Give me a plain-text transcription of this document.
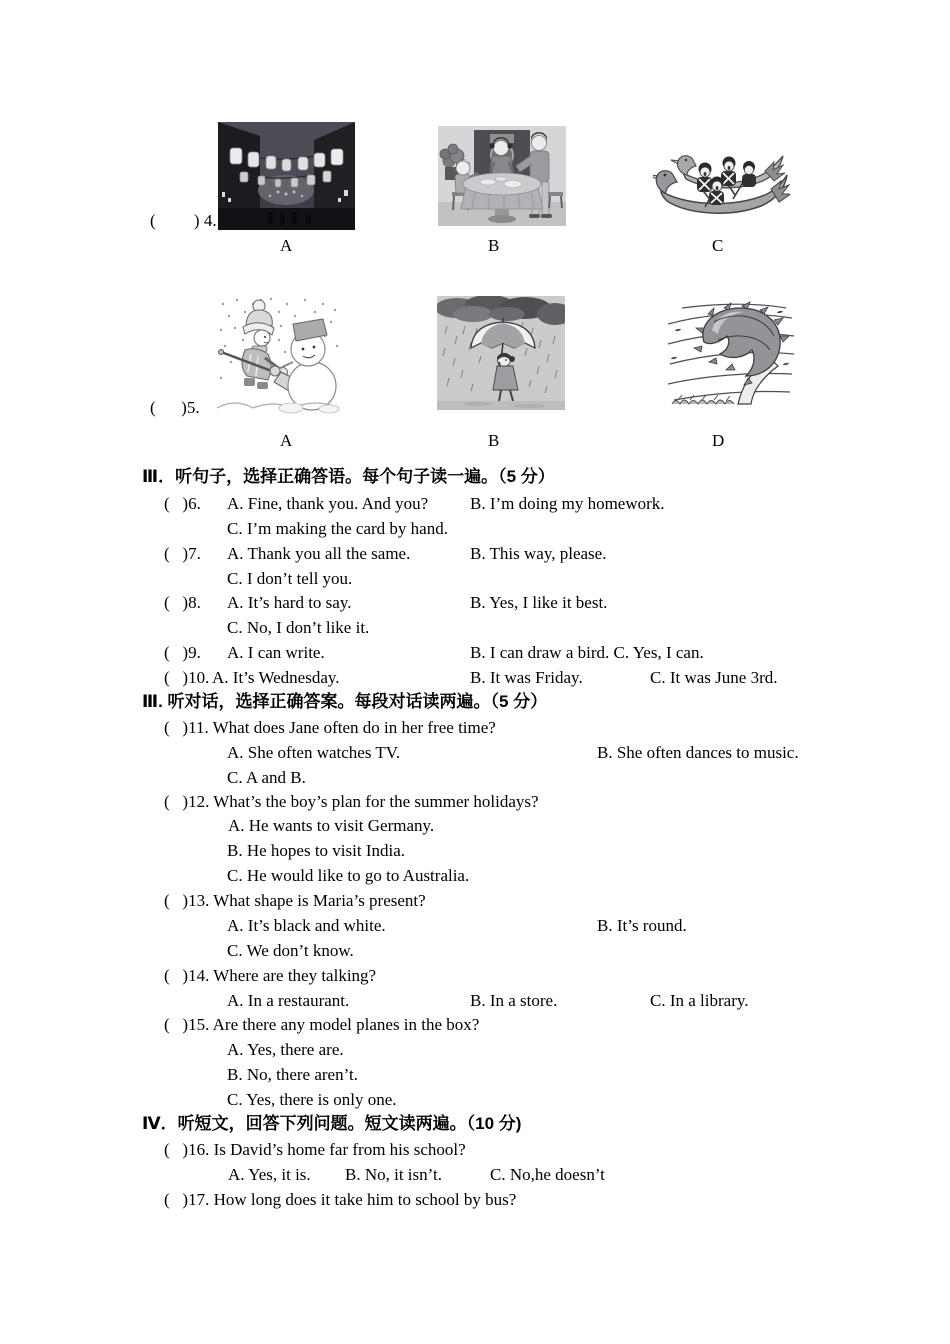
(         ) 4.
A	B	C
(      )5.
A	B	D
Ⅲ．听句子，选择正确答语。每个句子读一遍。（5 分）
(   )6. A. Fine, thank you. And you? B. I’m doing my homework.
C. I’m making the card by hand.
(   )7. A. Thank you all the same.	B. This way, please.
C. I don’t tell you.
(   )8. A. It’s hard to say.	B. Yes, I like it best.
C. No, I don’t like it.
(   )9. A. I can write.	B. I can draw a bird. C. Yes, I can.
(   )10. A. It’s Wednesday.	B. It was Friday.	C. It was June 3rd.
Ⅲ. 听对话，选择正确答案。每段对话读两遍。（5 分）
(   )11. What does Jane often do in her free time?
A. She often watches TV.	B. She often dances to music.
C. A and B.
(   )12. What’s the boy’s plan for the summer holidays?
A. He wants to visit Germany.
B. He hopes to visit India.
C. He would like to go to Australia.
(   )13. What shape is Maria’s present?
A. It’s black and white.	B. It’s round.
C. We don’t know.
(   )14. Where are they talking?
A. In a restaurant.	B. In a store.	C. In a library.
(   )15. Are there any model planes in the box?
A. Yes, there are.
B. No, there aren’t.
C. Yes, there is only one.
Ⅳ．听短文，回答下列问题。短文读两遍。（10 分)
(   )16. Is David’s home far from his school?
A. Yes, it is. B. No, it isn’t.	C. No,he doesn’t
(   )17. How long does it take him to school by bus?
